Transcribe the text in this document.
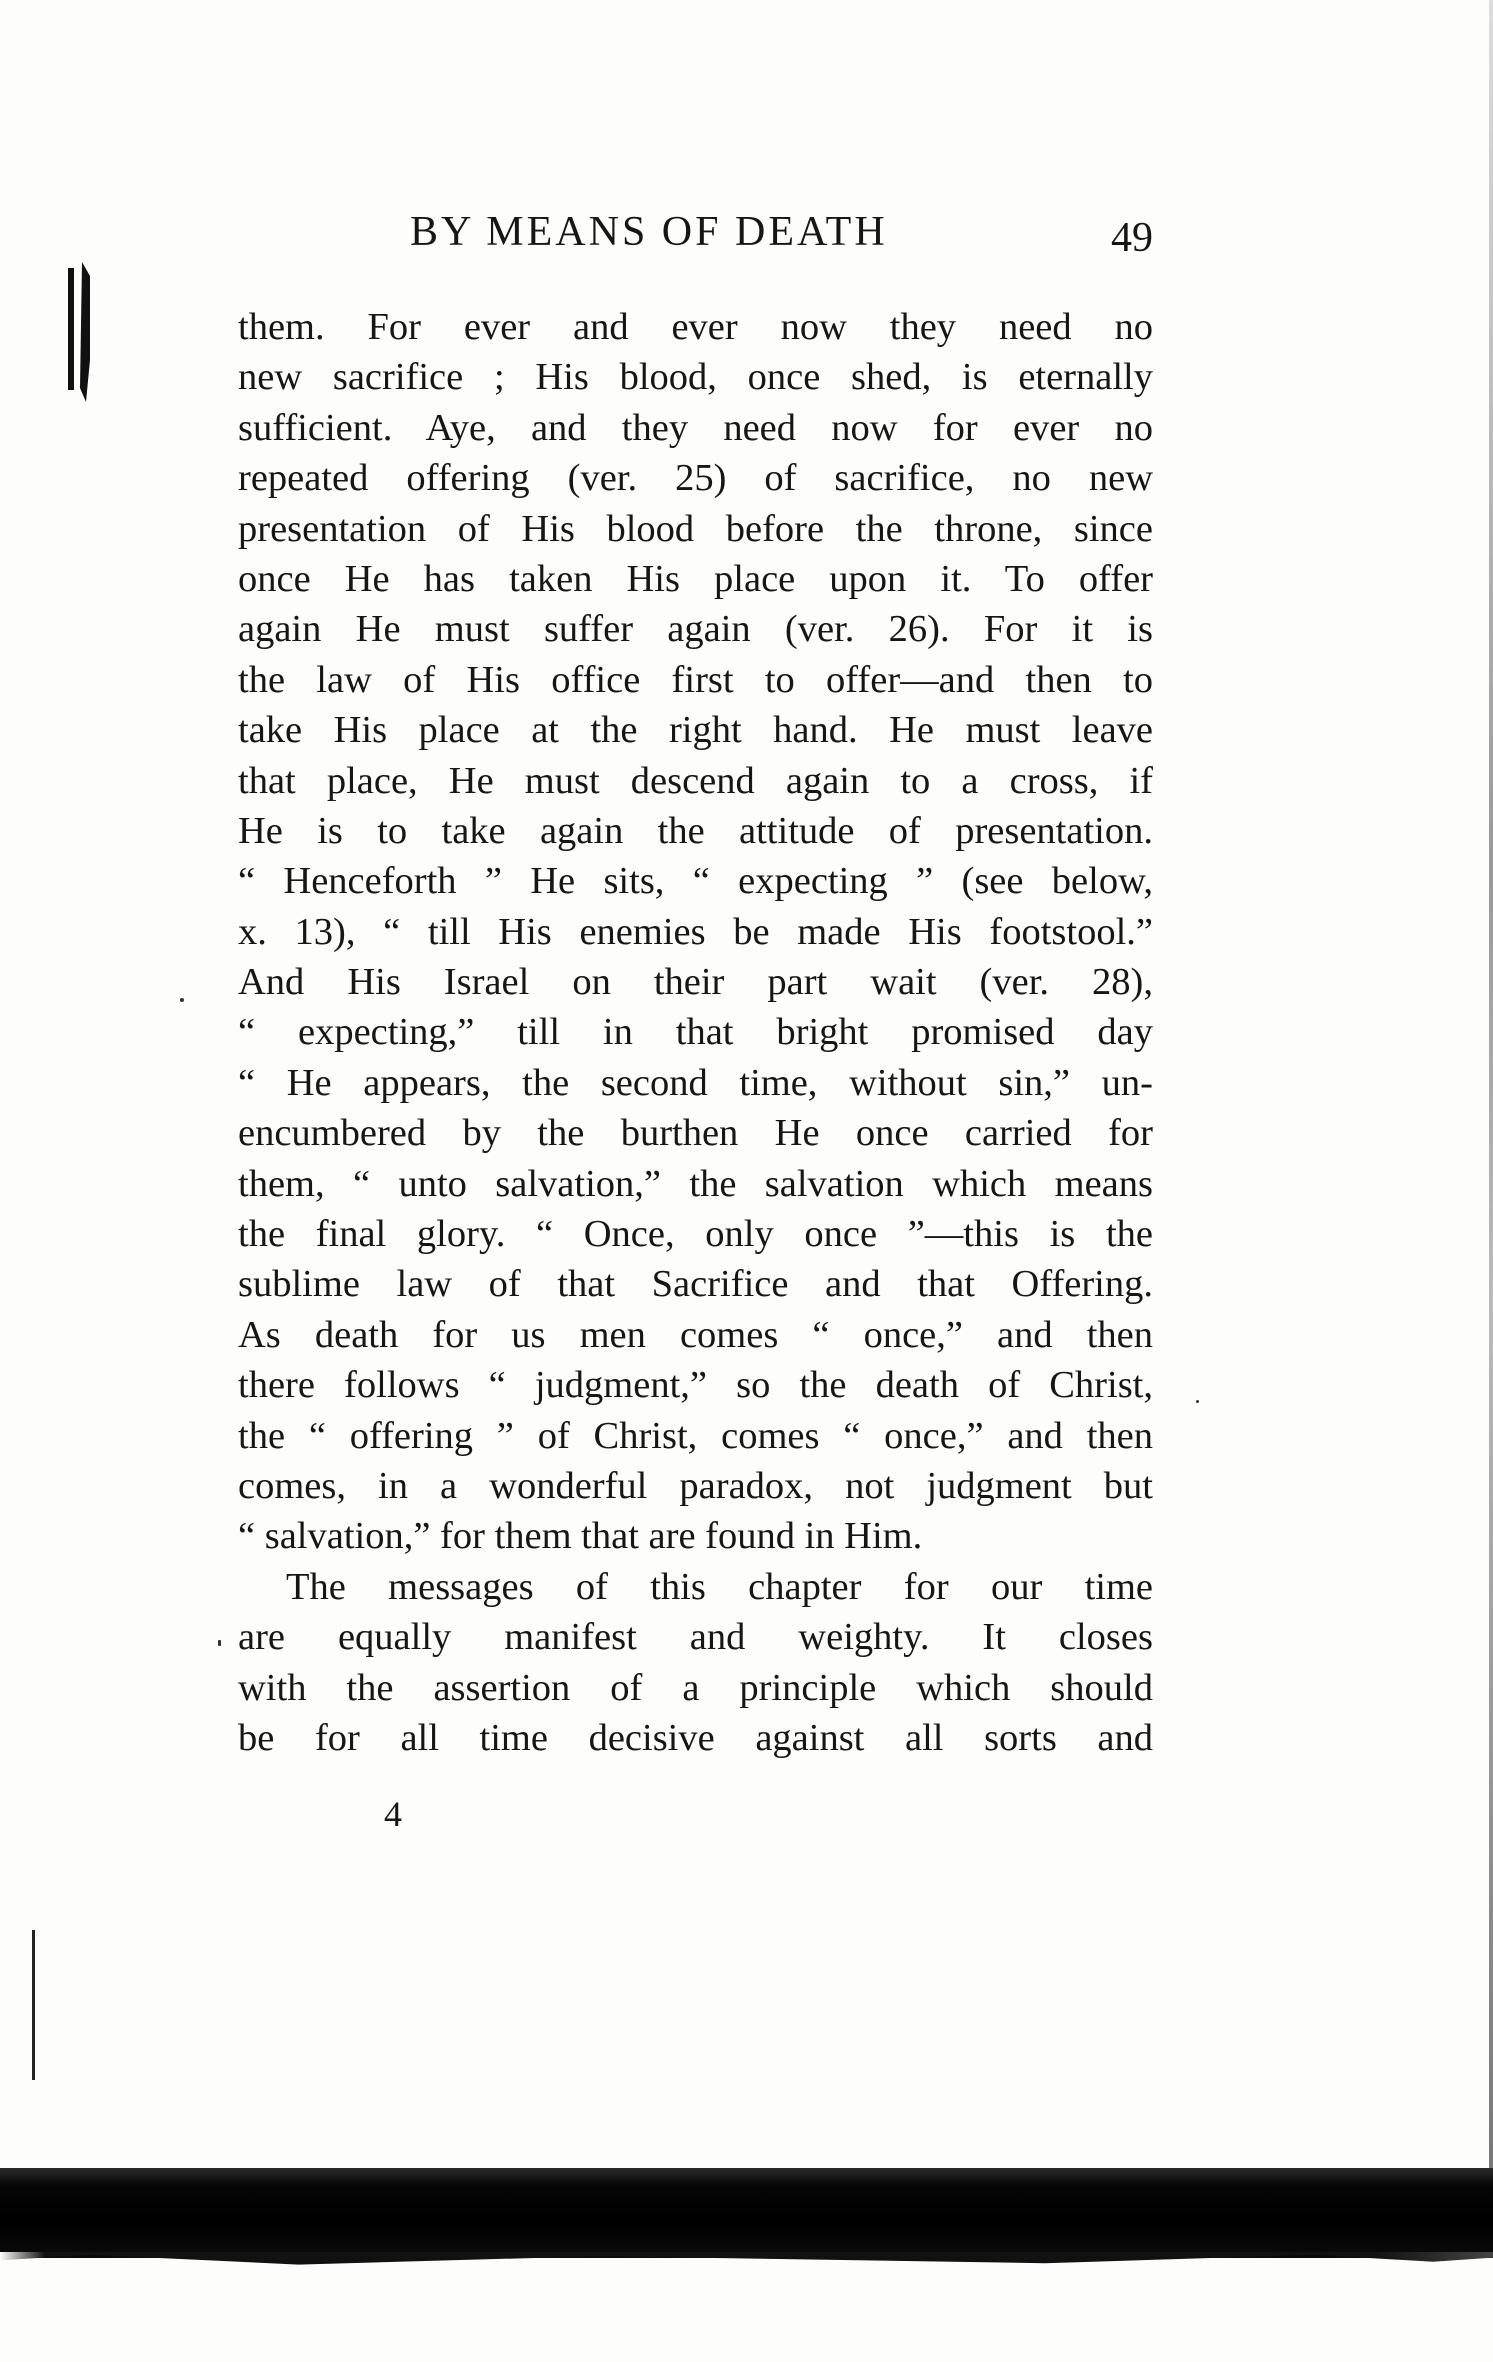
BY MEANS OF DEATH	49
them. For ever and ever now they need no
new sacrifice ; His blood, once shed, is eternally
sufficient. Aye, and they need now for ever no
repeated offering (ver. 25) of sacrifice, no new
presentation of His blood before the throne, since
once He has taken His place upon it. To offer
again He must suffer again (ver. 26). For it is
the law of His office first to offer—and then to
take His place at the right hand. He must leave
that place, He must descend again to a cross, if
He is to take again the attitude of presentation.
“ Henceforth ” He sits, “ expecting ” (see below,
x. 13), “ till His enemies be made His footstool.”
And His Israel on their part wait (ver. 28),
“ expecting,” till in that bright promised day
“ He appears, the second time, without sin,” un-
encumbered by the burthen He once carried for
them, “ unto salvation,” the salvation which means
the final glory. “ Once, only once ”—this is the
sublime law of that Sacrifice and that Offering.
As death for us men comes “ once,” and then
there follows “ judgment,” so the death of Christ,
the “ offering ” of Christ, comes “ once,” and then
comes, in a wonderful paradox, not judgment but
“ salvation,” for them that are found in Him.
The messages of this chapter for our time
are equally manifest and weighty. It closes
with the assertion of a principle which should
be for all time decisive against all sorts and
4
